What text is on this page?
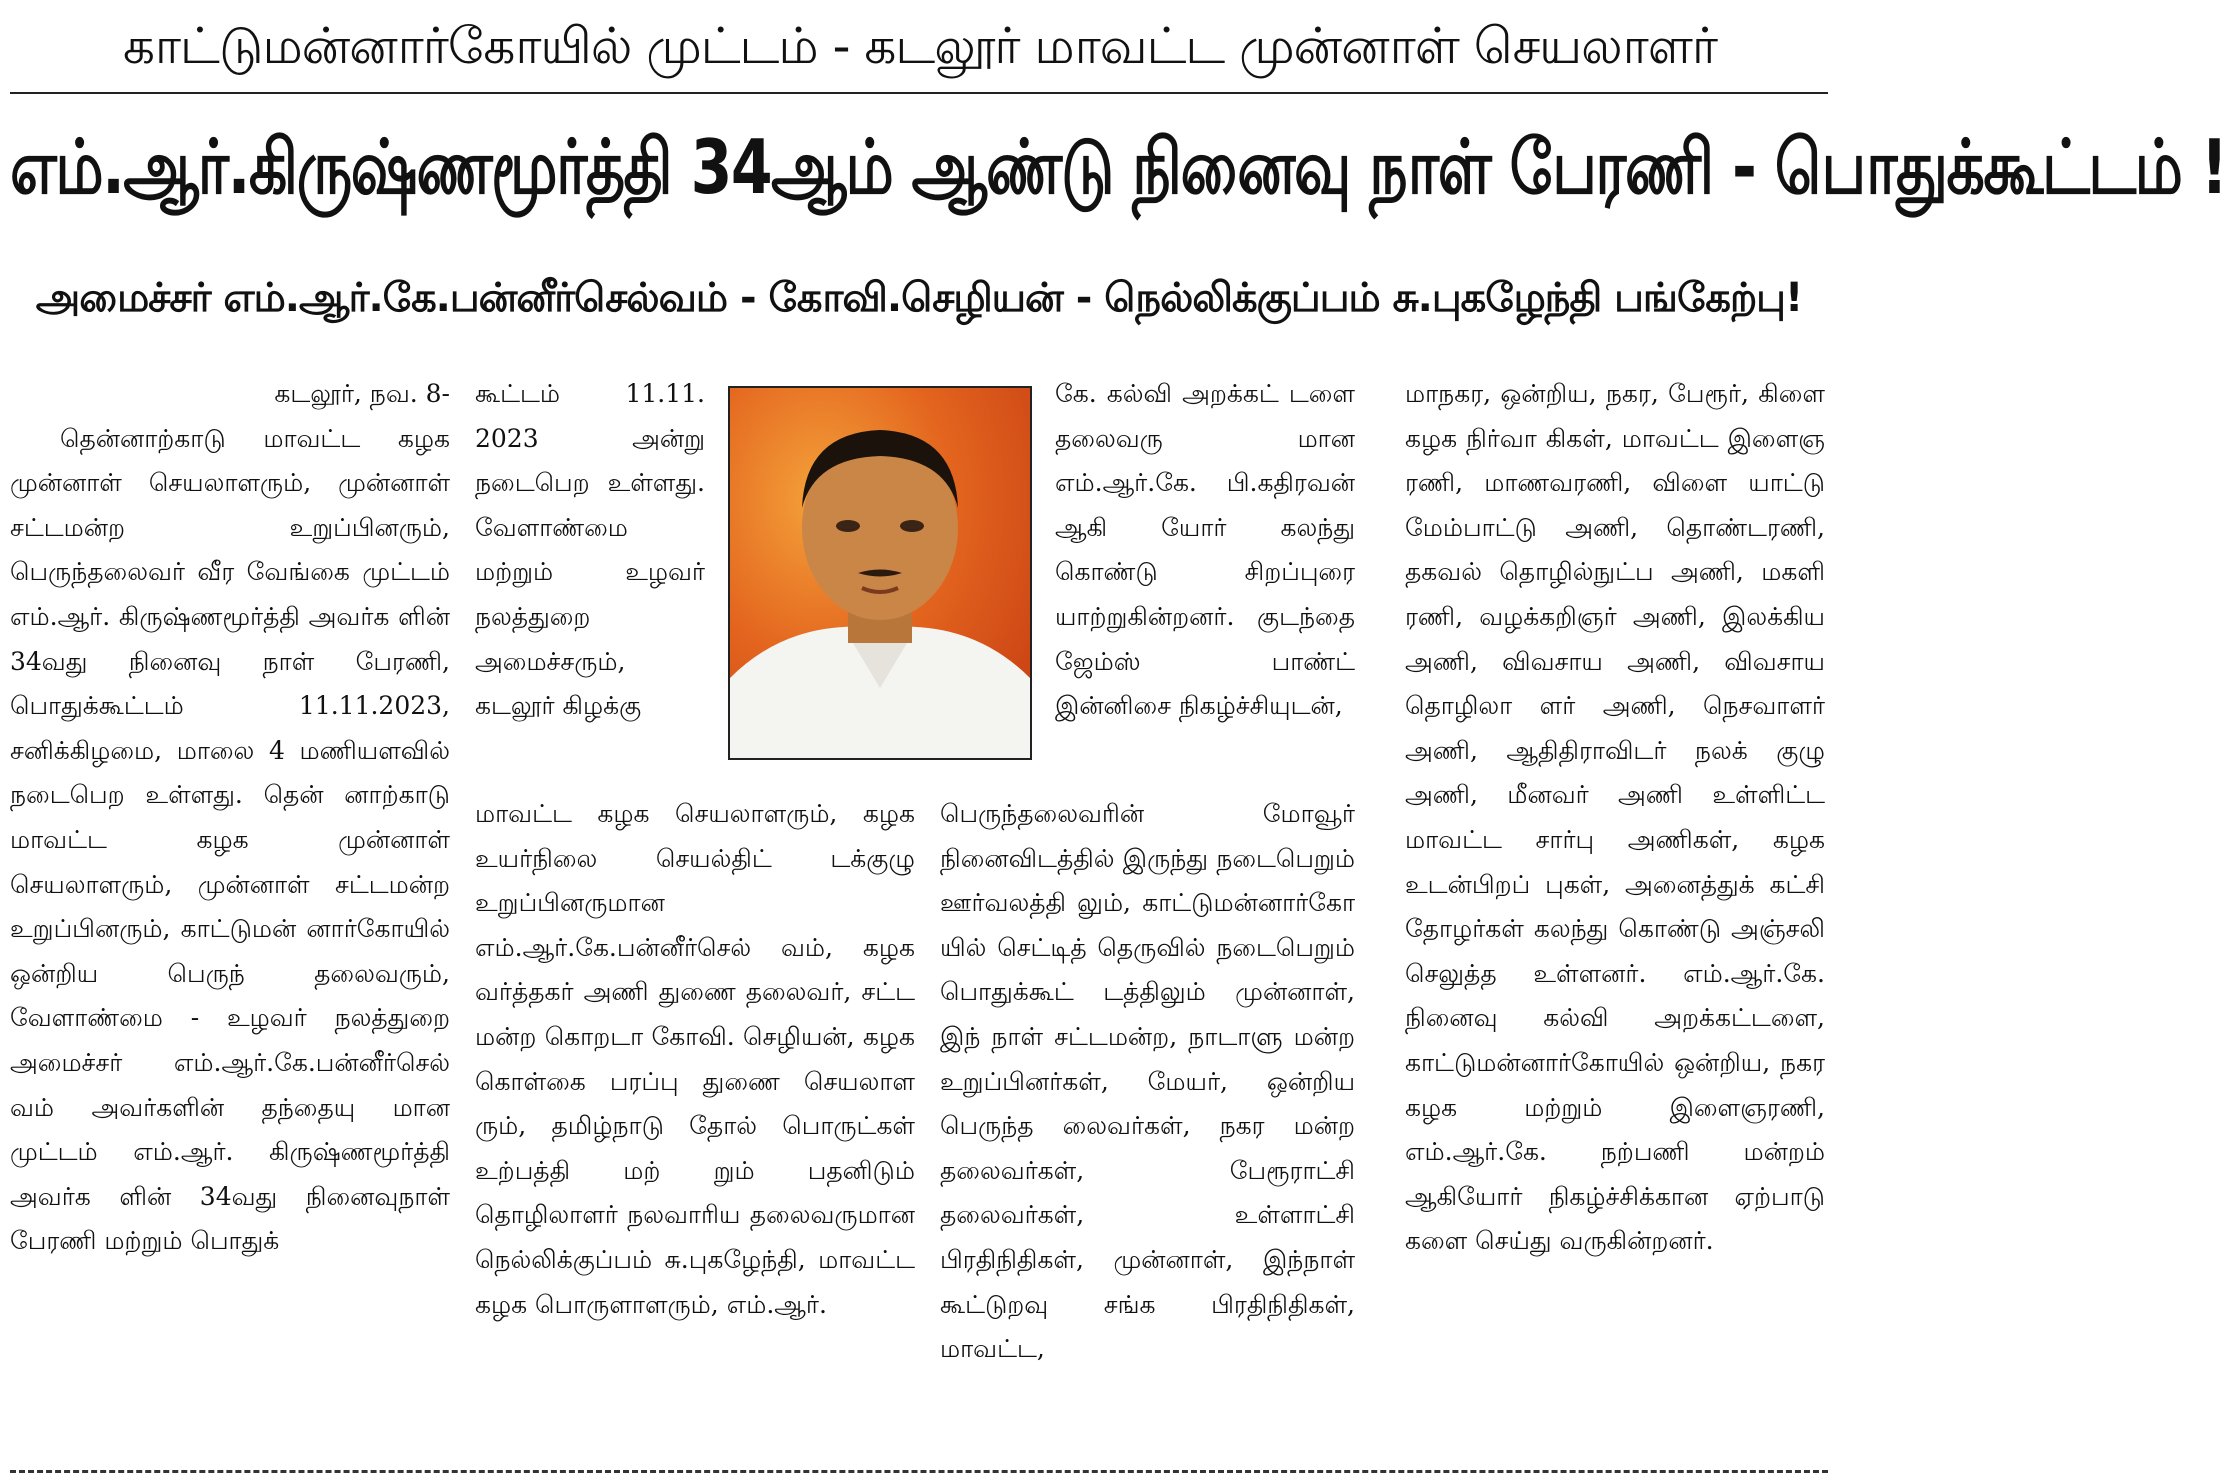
காட்டுமன்னார்கோயில் முட்டம் - கடலூர் மாவட்ட முன்னாள் செயலாளர்
எம்.ஆர்.கிருஷ்ணமூர்த்தி 34ஆம் ஆண்டு நினைவு நாள் பேரணி - பொதுக்கூட்டம் !
அமைச்சர் எம்.ஆர்.கே.பன்னீர்செல்வம் - கோவி.செழியன் - நெல்லிக்குப்பம் சு.புகழேந்தி பங்கேற்பு!

கடலூர், நவ. 8-

தென்னாற்காடு மாவட்ட கழக முன்னாள் செயலாளரும், முன்னாள் சட்டமன்ற உறுப்பினரும், பெருந்தலைவர் வீர வேங்கை முட்டம் எம்.ஆர். கிருஷ்ணமூர்த்தி அவர்க ளின் 34வது நினைவு நாள் பேரணி, பொதுக்கூட்டம் 11.11.2023, சனிக்கிழமை, மாலை 4 மணியளவில் நடைபெற உள்ளது. தென் னாற்காடு மாவட்ட கழக முன்னாள் செயலாளரும், முன்னாள் சட்டமன்ற உறுப்பினரும், காட்டுமன் னார்கோயில் ஒன்றிய பெருந் தலைவரும், வேளாண்மை - உழவர் நலத்துறை அமைச்சர் எம்.ஆர்.கே.பன்னீர்செல் வம் அவர்களின் தந்தையு மான முட்டம் எம்.ஆர். கிருஷ்ணமூர்த்தி அவர்க ளின் 34வது நினைவுநாள் பேரணி மற்றும் பொதுக்

கூட்டம் 11.11. 2023 அன்று நடைபெற உள்ளது. வேளாண்மை மற்றும் உழவர் நலத்துறை அமைச்சரும், கடலூர் கிழக்கு

மாவட்ட கழக செயலாளரும், கழக உயர்நிலை செயல்திட் டக்குழு உறுப்பினருமான எம்.ஆர்.கே.பன்னீர்செல் வம், கழக வர்த்தகர் அணி துணை தலைவர், சட்ட மன்ற கொறடா கோவி. செழியன், கழக கொள்கை பரப்பு துணை செயலாள ரும், தமிழ்நாடு தோல் பொருட்கள் உற்பத்தி மற் றும் பதனிடும் தொழிலாளர் நலவாரிய தலைவருமான நெல்லிக்குப்பம் சு.புகழேந்தி, மாவட்ட கழக பொருளாளரும், எம்.ஆர்.

கே. கல்வி அறக்கட் டளை தலைவரு மான எம்.ஆர்.கே. பி.கதிரவன் ஆகி யோர் கலந்து கொண்டு சிறப்புரை யாற்றுகின்றனர். குடந்தை ஜேம்ஸ் பாண்ட் இன்னிசை நிகழ்ச்சியுடன்,

பெருந்தலைவரின் மோவூர் நினைவிடத்தில் இருந்து நடைபெறும் ஊர்வலத்தி லும், காட்டுமன்னார்கோ யில் செட்டித் தெருவில் நடைபெறும் பொதுக்கூட் டத்திலும் முன்னாள், இந் நாள் சட்டமன்ற, நாடாளு மன்ற உறுப்பினர்கள், மேயர், ஒன்றிய பெருந்த லைவர்கள், நகர மன்ற தலைவர்கள், பேரூராட்சி தலைவர்கள், உள்ளாட்சி பிரதிநிதிகள், முன்னாள், இந்நாள் கூட்டுறவு சங்க பிரதிநிதிகள், மாவட்ட,

மாநகர, ஒன்றிய, நகர, பேரூர், கிளை கழக நிர்வா கிகள், மாவட்ட இளைஞ ரணி, மாணவரணி, விளை யாட்டு மேம்பாட்டு அணி, தொண்டரணி, தகவல் தொழில்நுட்ப அணி, மகளி ரணி, வழக்கறிஞர் அணி, இலக்கிய அணி, விவசாய அணி, விவசாய தொழிலா ளர் அணி, நெசவாளர் அணி, ஆதிதிராவிடர் நலக் குழு அணி, மீனவர் அணி உள்ளிட்ட மாவட்ட சார்பு அணிகள், கழக உடன்பிறப் புகள், அனைத்துக் கட்சி தோழர்கள் கலந்து கொண்டு அஞ்சலி செலுத்த உள்ளனர். எம்.ஆர்.கே. நினைவு கல்வி அறக்கட்டளை, காட்டுமன்னார்கோயில் ஒன்றிய, நகர கழக மற்றும் இளைஞரணி, எம்.ஆர்.கே. நற்பணி மன்றம் ஆகியோர் நிகழ்ச்சிக்கான ஏற்பாடு களை செய்து வருகின்றனர்.
